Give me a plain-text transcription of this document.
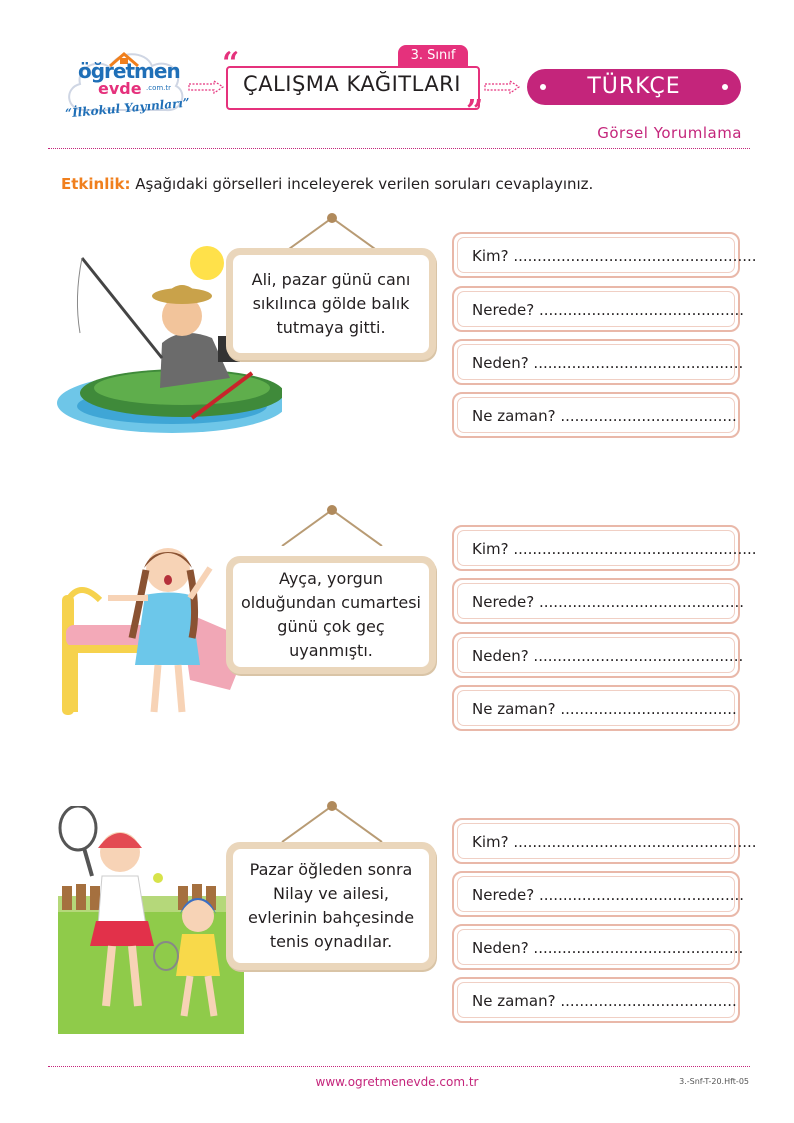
öğretmen
evde .com.tr
“İlkokul Yayınları”
3. Sınıf
“
”
ÇALIŞMA KAĞITLARI	TÜRKÇE
Görsel Yorumlama
Etkinlik: Aşağıdaki görselleri inceleyerek verilen soruları cevaplayınız.
Ali, pazar günü canı sıkılınca gölde balık tutmaya gitti.
Kim? ...................................................
Nerede? ...........................................
Neden? ............................................
Ne zaman? .....................................
Ayça, yorgun olduğundan cumartesi günü çok geç uyanmıştı.
Kim? ...................................................
Nerede? ...........................................
Neden? ............................................
Ne zaman? .....................................
Pazar öğleden sonra Nilay ve ailesi, evlerinin bahçesinde tenis oynadılar.
Kim? ...................................................
Nerede? ...........................................
Neden? ............................................
Ne zaman? .....................................
www.ogretmenevde.com.tr	3.-Snf-T-20.Hft-05
